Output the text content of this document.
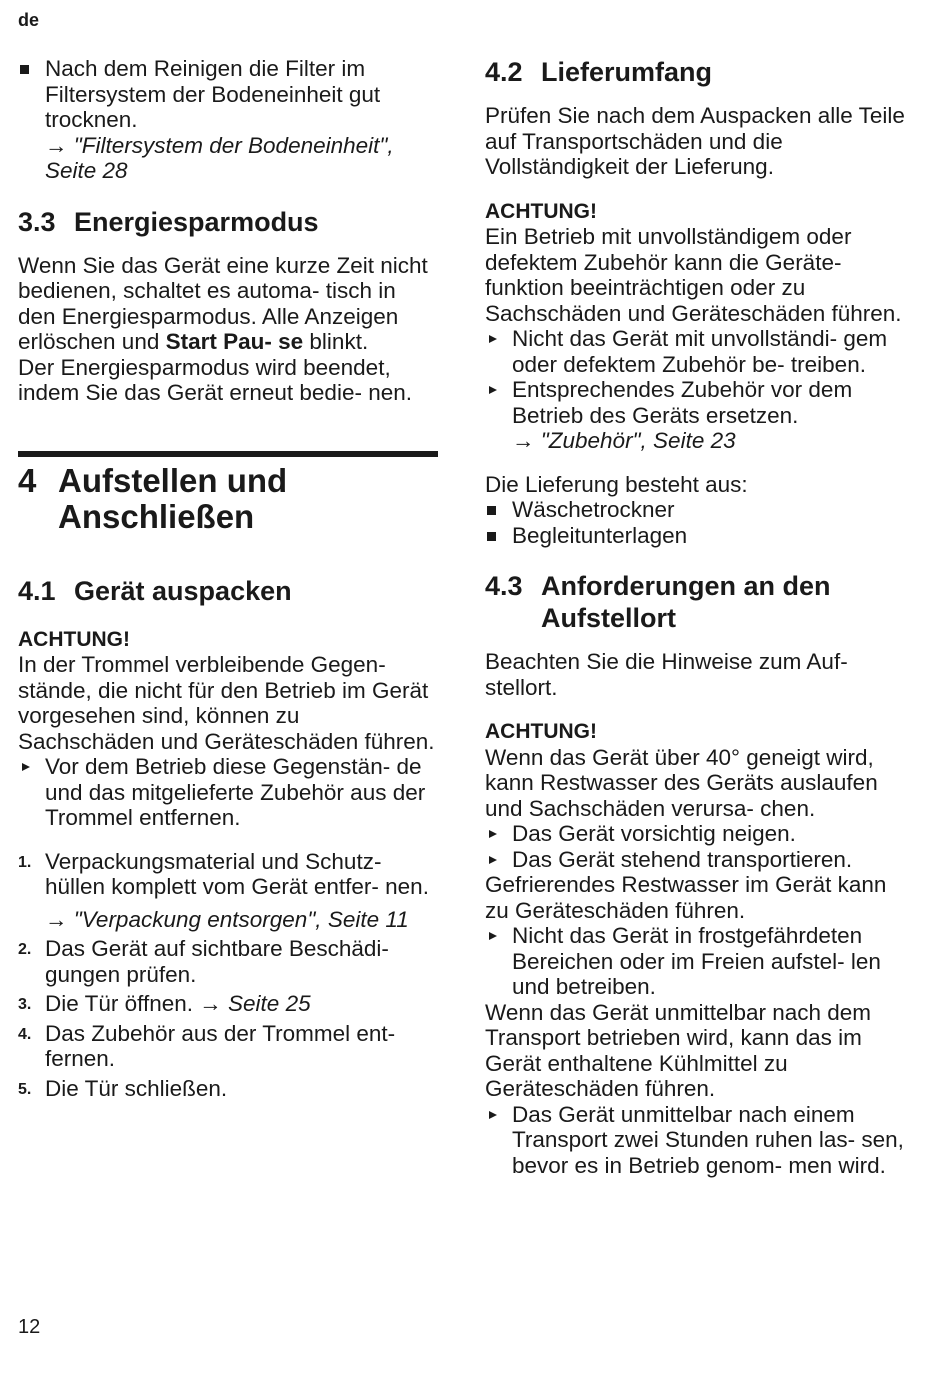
de
Nach dem Reinigen die Filter im Filtersystem der Bodeneinheit gut trocknen.
→ "Filtersystem der Bodeneinheit", Seite 28
3.3 Energiesparmodus

Wenn Sie das Gerät eine kurze Zeit nicht bedienen, schaltet es automa- tisch in den Energiesparmodus. Alle Anzeigen erlöschen und Start Pau- se blinkt.

Der Energiesparmodus wird beendet, indem Sie das Gerät erneut bedie- nen.

4 Aufstellen und Anschließen
4.1 Gerät auspacken

ACHTUNG!

In der Trommel verbleibende Gegen- stände, die nicht für den Betrieb im Gerät vorgesehen sind, können zu Sachschäden und Geräteschäden führen.

Vor dem Betrieb diese Gegenstän- de und das mitgelieferte Zubehör aus der Trommel entfernen.
1. Verpackungsmaterial und Schutz- hüllen komplett vom Gerät entfer- nen.
→ "Verpackung entsorgen", Seite 11
2. Das Gerät auf sichtbare Beschädi- gungen prüfen.
3. Die Tür öffnen. → Seite 25
4. Das Zubehör aus der Trommel ent- fernen.
5. Die Tür schließen.
4.2 Lieferumfang

Prüfen Sie nach dem Auspacken alle Teile auf Transportschäden und die Vollständigkeit der Lieferung.

ACHTUNG!

Ein Betrieb mit unvollständigem oder defektem Zubehör kann die Geräte- funktion beeinträchtigen oder zu Sachschäden und Geräteschäden führen.

Nicht das Gerät mit unvollständi- gem oder defektem Zubehör be- treiben.
Entsprechendes Zubehör vor dem Betrieb des Geräts ersetzen.
→ "Zubehör", Seite 23

Die Lieferung besteht aus:

Wäschetrockner
Begleitunterlagen
4.3 Anforderungen an den Aufstellort

Beachten Sie die Hinweise zum Auf- stellort.

ACHTUNG!

Wenn das Gerät über 40° geneigt wird, kann Restwasser des Geräts auslaufen und Sachschäden verursa- chen.

Das Gerät vorsichtig neigen.
Das Gerät stehend transportieren.

Gefrierendes Restwasser im Gerät kann zu Geräteschäden führen.

Nicht das Gerät in frostgefährdeten Bereichen oder im Freien aufstel- len und betreiben.

Wenn das Gerät unmittelbar nach dem Transport betrieben wird, kann das im Gerät enthaltene Kühlmittel zu Geräteschäden führen.

Das Gerät unmittelbar nach einem Transport zwei Stunden ruhen las- sen, bevor es in Betrieb genom- men wird.
12
